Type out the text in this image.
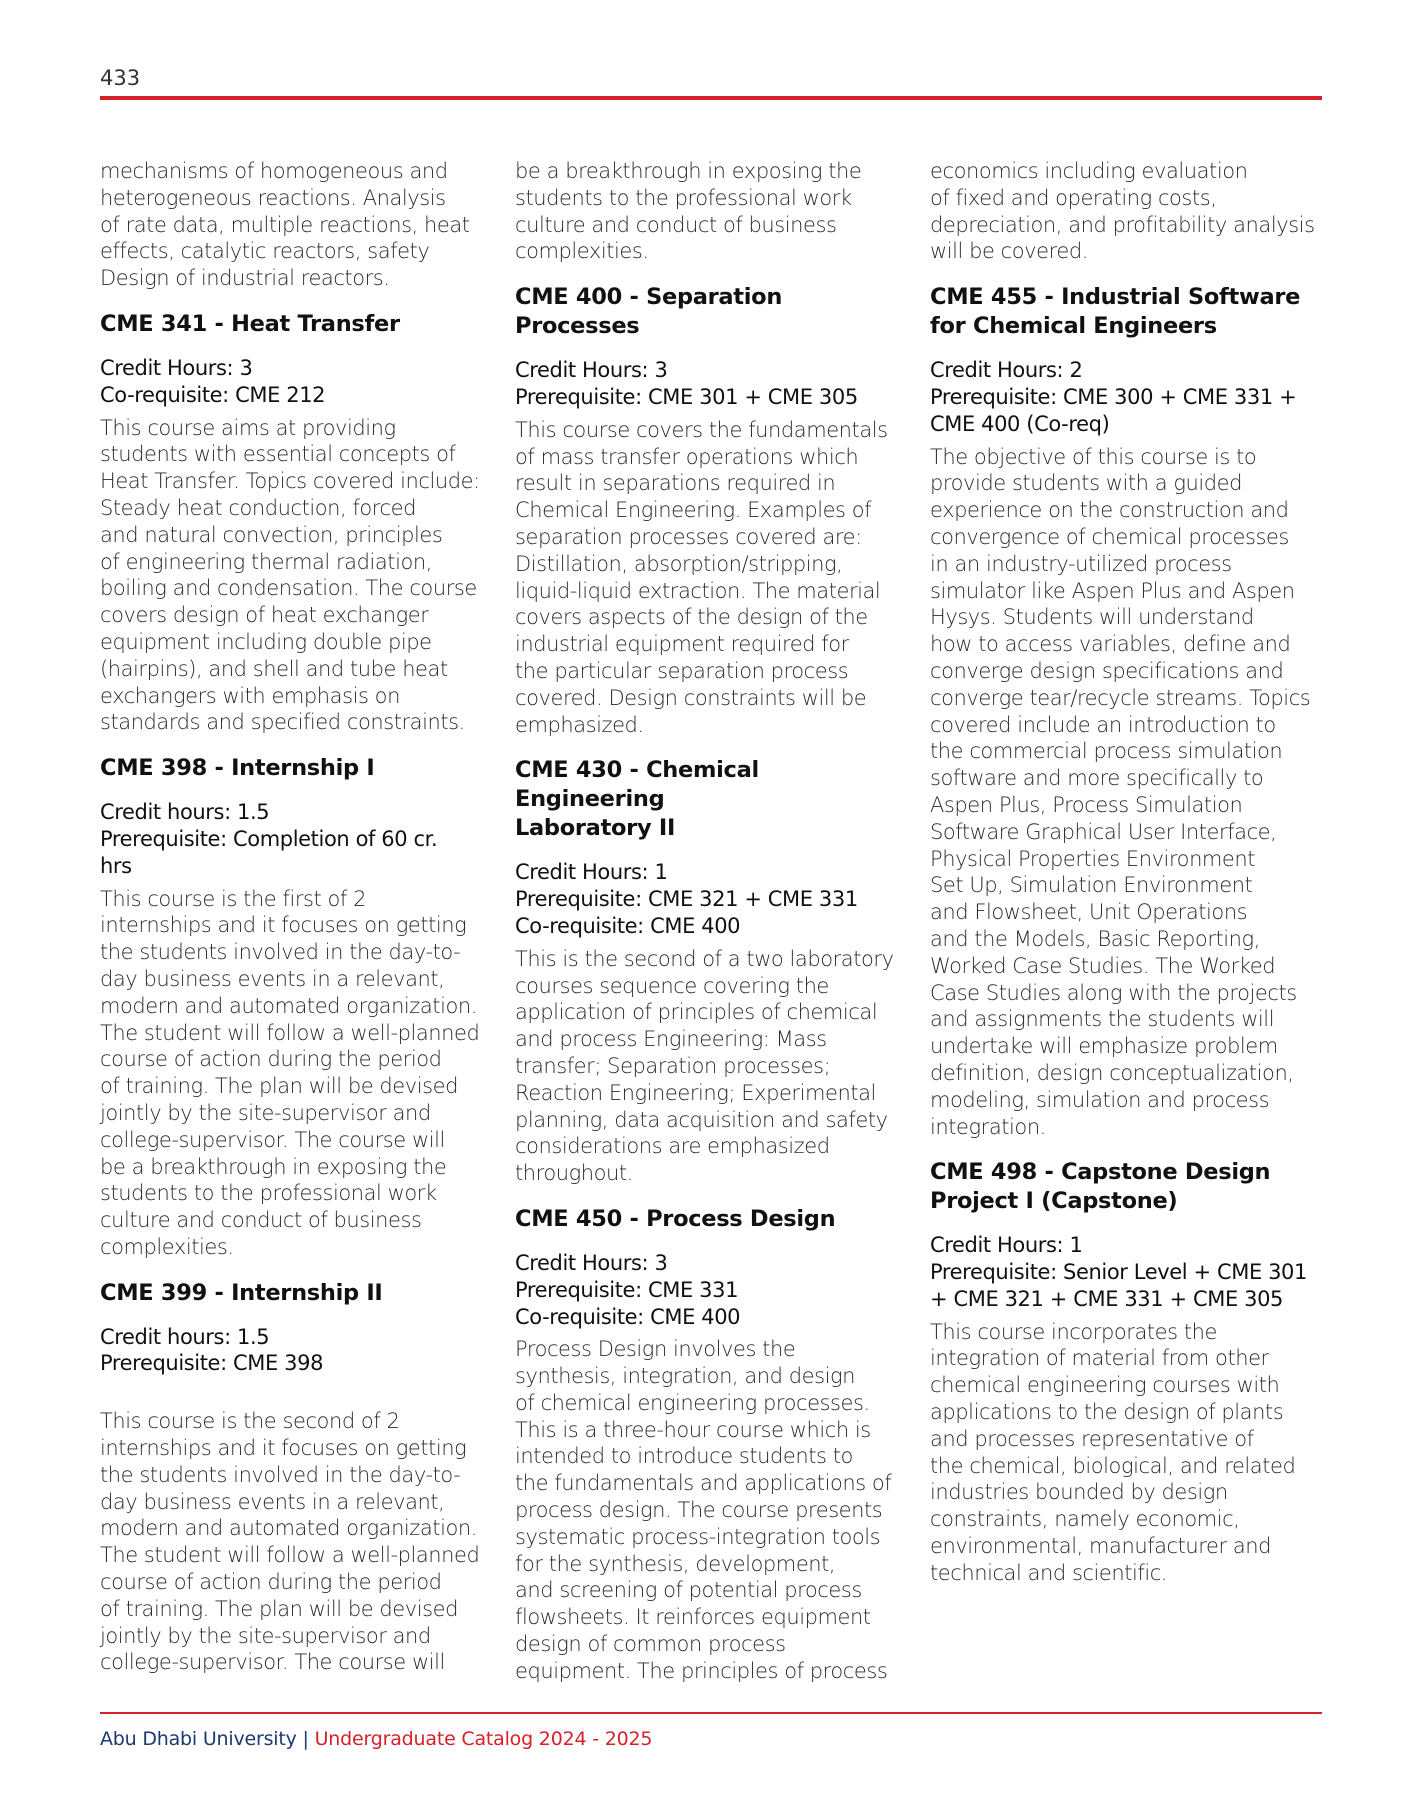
433
mechanisms of homogeneous and
heterogeneous reactions. Analysis
of rate data, multiple reactions, heat
effects, catalytic reactors, safety
Design of industrial reactors.
CME 341 - Heat Transfer
Credit Hours: 3
Co-requisite: CME 212
This course aims at providing
students with essential concepts of
Heat Transfer. Topics covered include:
Steady heat conduction, forced
and natural convection, principles
of engineering thermal radiation,
boiling and condensation. The course
covers design of heat exchanger
equipment including double pipe
(hairpins), and shell and tube heat
exchangers with emphasis on
standards and specified constraints.
CME 398 - Internship I
Credit hours: 1.5
Prerequisite: Completion of 60 cr.
hrs
This course is the first of 2
internships and it focuses on getting
the students involved in the day-to-
day business events in a relevant,
modern and automated organization.
The student will follow a well-planned
course of action during the period
of training. The plan will be devised
jointly by the site-supervisor and
college-supervisor. The course will
be a breakthrough in exposing the
students to the professional work
culture and conduct of business
complexities.
CME 399 - Internship II
Credit hours: 1.5
Prerequisite: CME 398
This course is the second of 2
internships and it focuses on getting
the students involved in the day-to-
day business events in a relevant,
modern and automated organization.
The student will follow a well-planned
course of action during the period
of training. The plan will be devised
jointly by the site-supervisor and
college-supervisor. The course will
be a breakthrough in exposing the
students to the professional work
culture and conduct of business
complexities.
CME 400 - Separation Processes
Credit Hours: 3
Prerequisite: CME 301 + CME 305
This course covers the fundamentals
of mass transfer operations which
result in separations required in
Chemical Engineering. Examples of
separation processes covered are:
Distillation, absorption/stripping,
liquid-liquid extraction. The material
covers aspects of the design of the
industrial equipment required for
the particular separation process
covered. Design constraints will be
emphasized.
CME 430 - Chemical Engineering
Laboratory II
Credit Hours: 1
Prerequisite: CME 321 + CME 331
Co-requisite: CME 400
This is the second of a two laboratory
courses sequence covering the
application of principles of chemical
and process Engineering: Mass
transfer; Separation processes;
Reaction Engineering; Experimental
planning, data acquisition and safety
considerations are emphasized
throughout.
CME 450 - Process Design
Credit Hours: 3
Prerequisite: CME 331
Co-requisite: CME 400
Process Design involves the
synthesis, integration, and design
of chemical engineering processes.
This is a three-hour course which is
intended to introduce students to
the fundamentals and applications of
process design. The course presents
systematic process-integration tools
for the synthesis, development,
and screening of potential process
flowsheets. It reinforces equipment
design of common process
equipment. The principles of process
economics including evaluation
of fixed and operating costs,
depreciation, and profitability analysis
will be covered.
CME 455 - Industrial Software
for Chemical Engineers
Credit Hours: 2
Prerequisite: CME 300 + CME 331 +
CME 400 (Co-req)
The objective of this course is to
provide students with a guided
experience on the construction and
convergence of chemical processes
in an industry-utilized process
simulator like Aspen Plus and Aspen
Hysys. Students will understand
how to access variables, define and
converge design specifications and
converge tear/recycle streams. Topics
covered include an introduction to
the commercial process simulation
software and more specifically to
Aspen Plus, Process Simulation
Software Graphical User Interface,
Physical Properties Environment
Set Up, Simulation Environment
and Flowsheet, Unit Operations
and the Models, Basic Reporting,
Worked Case Studies. The Worked
Case Studies along with the projects
and assignments the students will
undertake will emphasize problem
definition, design conceptualization,
modeling, simulation and process
integration.
CME 498 - Capstone Design
Project I (Capstone)
Credit Hours: 1
Prerequisite: Senior Level + CME 301
+ CME 321 + CME 331 + CME 305
This course incorporates the
integration of material from other
chemical engineering courses with
applications to the design of plants
and processes representative of
the chemical, biological, and related
industries bounded by design
constraints, namely economic,
environmental, manufacturer and
technical and scientific.
Abu Dhabi University | Undergraduate Catalog 2024 - 2025
